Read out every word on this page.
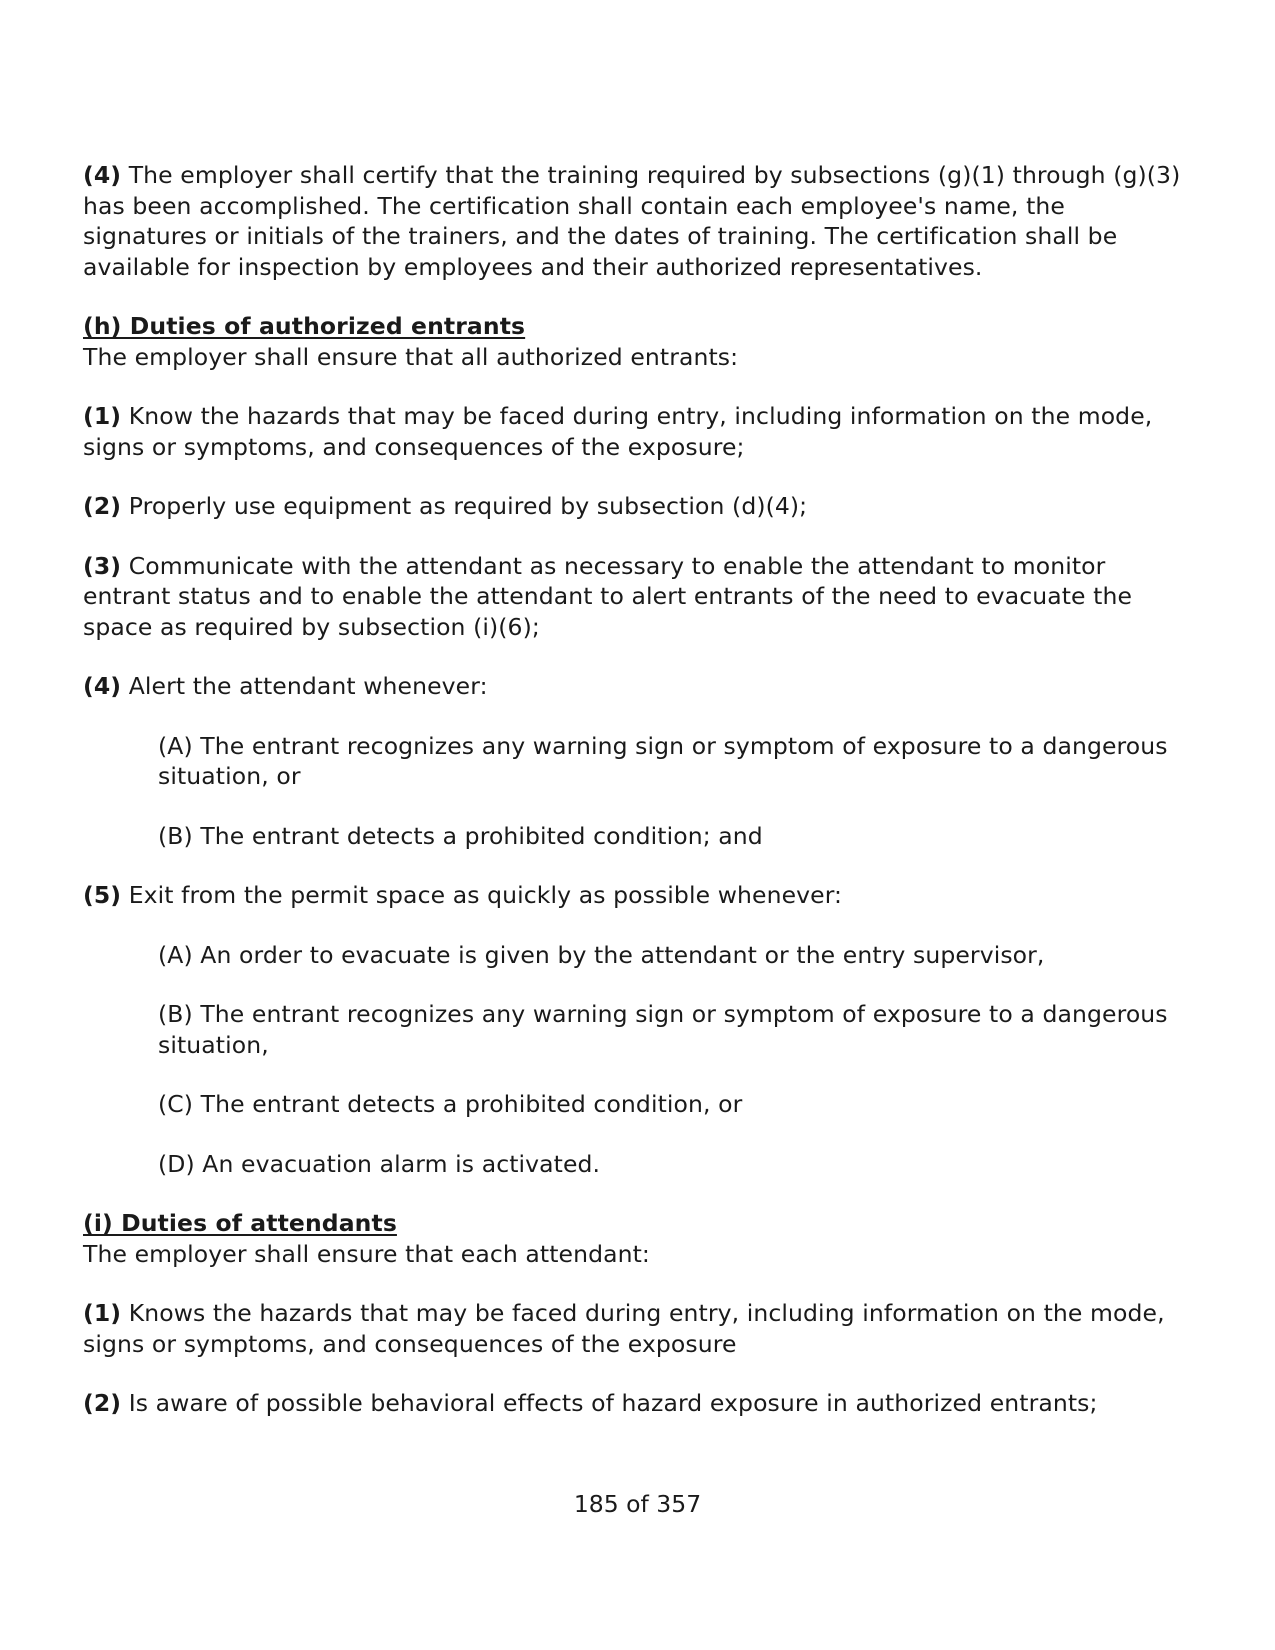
(4) The employer shall certify that the training required by subsections (g)(1) through (g)(3) has been accomplished. The certification shall contain each employee's name, the signatures or initials of the trainers, and the dates of training. The certification shall be available for inspection by employees and their authorized representatives.

(h) Duties of authorized entrants

The employer shall ensure that all authorized entrants:

(1) Know the hazards that may be faced during entry, including information on the mode, signs or symptoms, and consequences of the exposure;

(2) Properly use equipment as required by subsection (d)(4);

(3) Communicate with the attendant as necessary to enable the attendant to monitor entrant status and to enable the attendant to alert entrants of the need to evacuate the space as required by subsection (i)(6);

(4) Alert the attendant whenever:

(A) The entrant recognizes any warning sign or symptom of exposure to a dangerous situation, or

(B) The entrant detects a prohibited condition; and

(5) Exit from the permit space as quickly as possible whenever:

(A) An order to evacuate is given by the attendant or the entry supervisor,

(B) The entrant recognizes any warning sign or symptom of exposure to a dangerous situation,

(C) The entrant detects a prohibited condition, or

(D) An evacuation alarm is activated.

(i) Duties of attendants

The employer shall ensure that each attendant:

(1) Knows the hazards that may be faced during entry, including information on the mode, signs or symptoms, and consequences of the exposure

(2) Is aware of possible behavioral effects of hazard exposure in authorized entrants;

185 of 357
